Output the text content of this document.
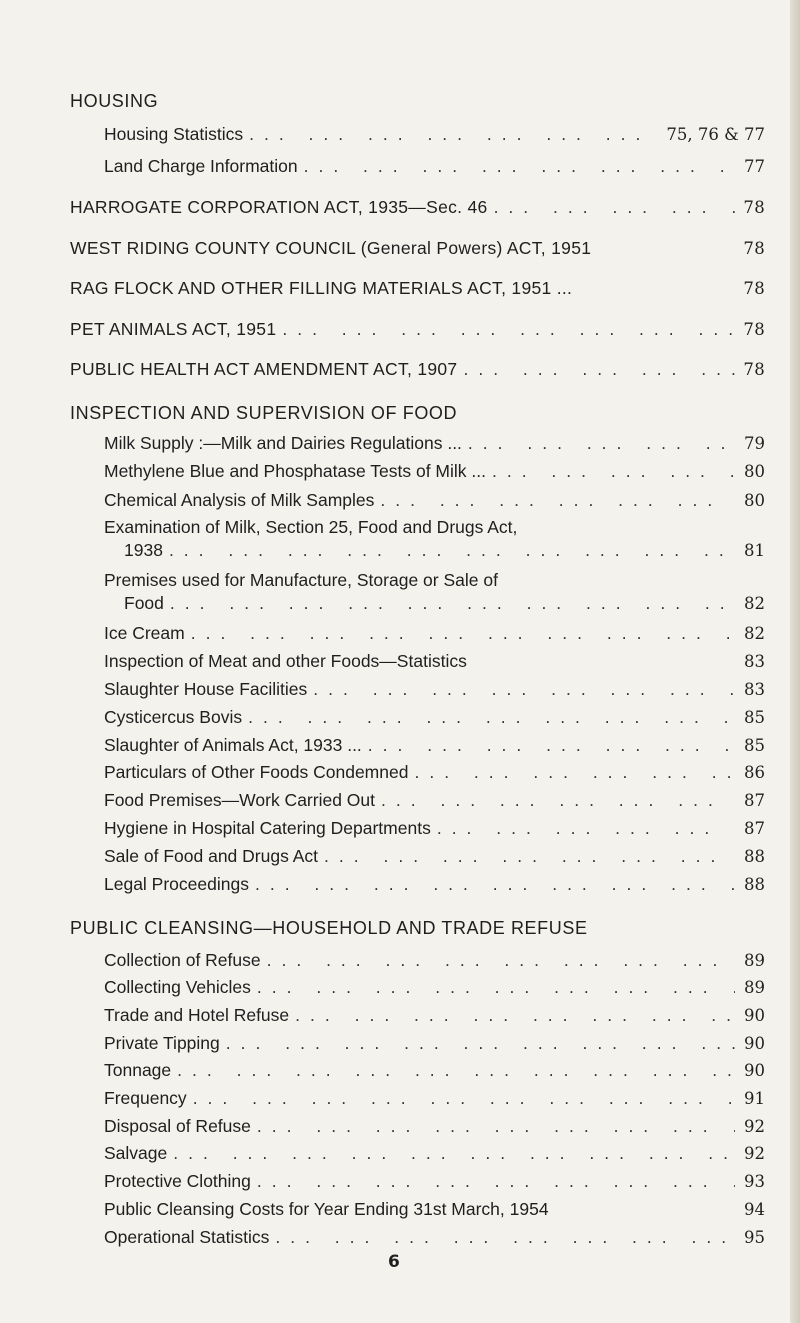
HOUSING
Housing Statistics ... .	75, 76 & 77
Land Charge Information ... .	77
HARROGATE CORPORATION ACT, 1935—Sec. 46 ... .	78
WEST RIDING COUNTY COUNCIL (General Powers) ACT, 1951	78
RAG FLOCK AND OTHER FILLING MATERIALS ACT, 1951 ...	78
PET ANIMALS ACT, 1951 ... .	78
PUBLIC HEALTH ACT AMENDMENT ACT, 1907 ... .	78
INSPECTION AND SUPERVISION OF FOOD
Milk Supply :—Milk and Dairies Regulations ... ... .	79
Methylene Blue and Phosphatase Tests of Milk ... ... .	80
Chemical Analysis of Milk Samples ... .	80
Examination of Milk, Section 25, Food and Drugs Act,
1938 ... .	81
Premises used for Manufacture, Storage or Sale of
Food ... .	82
Ice Cream ... .	82
Inspection of Meat and other Foods—Statistics	83
Slaughter House Facilities ... .	83
Cysticercus Bovis ... .	85
Slaughter of Animals Act, 1933 ... ... .	85
Particulars of Other Foods Condemned ... .	86
Food Premises—Work Carried Out ... .	87
Hygiene in Hospital Catering Departments ... .	87
Sale of Food and Drugs Act ... .	88
Legal Proceedings ... .	88
PUBLIC CLEANSING—HOUSEHOLD AND TRADE REFUSE
Collection of Refuse ... .	89
Collecting Vehicles ... .	89
Trade and Hotel Refuse ... .	90
Private Tipping ... .	90
Tonnage ... .	90
Frequency ... .	91
Disposal of Refuse ... .	92
Salvage ... .	92
Protective Clothing ... .	93
Public Cleansing Costs for Year Ending 31st March, 1954	94
Operational Statistics ... .	95
6
